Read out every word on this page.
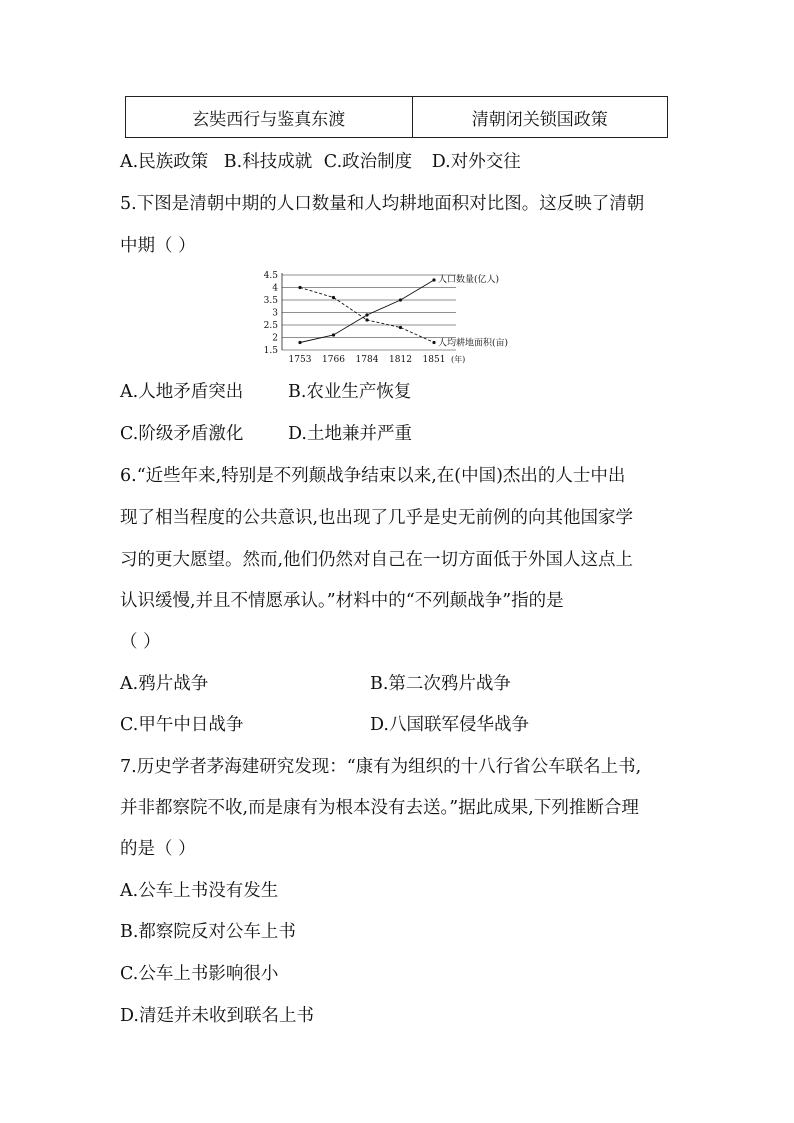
玄奘西行与鉴真东渡	清朝闭关锁国政策
A.民族政策 B.科技成就 C.政治制度 D.对外交往
5.下图是清朝中期的人口数量和人均耕地面积对比图。这反映了清朝
中期（ ）
4.5
4
3.5
3
2.5
2
1.5
1753 1766 1784 1812 1851 (年)
人口数量(亿人)
人均耕地面积(亩)
A.人地矛盾突出	B.农业生产恢复
C.阶级矛盾激化	D.土地兼并严重
6.“近些年来,特别是不列颠战争结束以来,在(中国)杰出的人士中出
现了相当程度的公共意识,也出现了几乎是史无前例的向其他国家学
习的更大愿望。然而,他们仍然对自己在一切方面低于外国人这点上
认识缓慢,并且不情愿承认。”材料中的“不列颠战争”指的是
（ ）
A.鸦片战争	B.第二次鸦片战争
C.甲午中日战争	D.八国联军侵华战争
7.历史学者茅海建研究发现：“康有为组织的十八行省公车联名上书,
并非都察院不收,而是康有为根本没有去送。”据此成果,下列推断合理
的是（ ）
A.公车上书没有发生
B.都察院反对公车上书
C.公车上书影响很小
D.清廷并未收到联名上书
